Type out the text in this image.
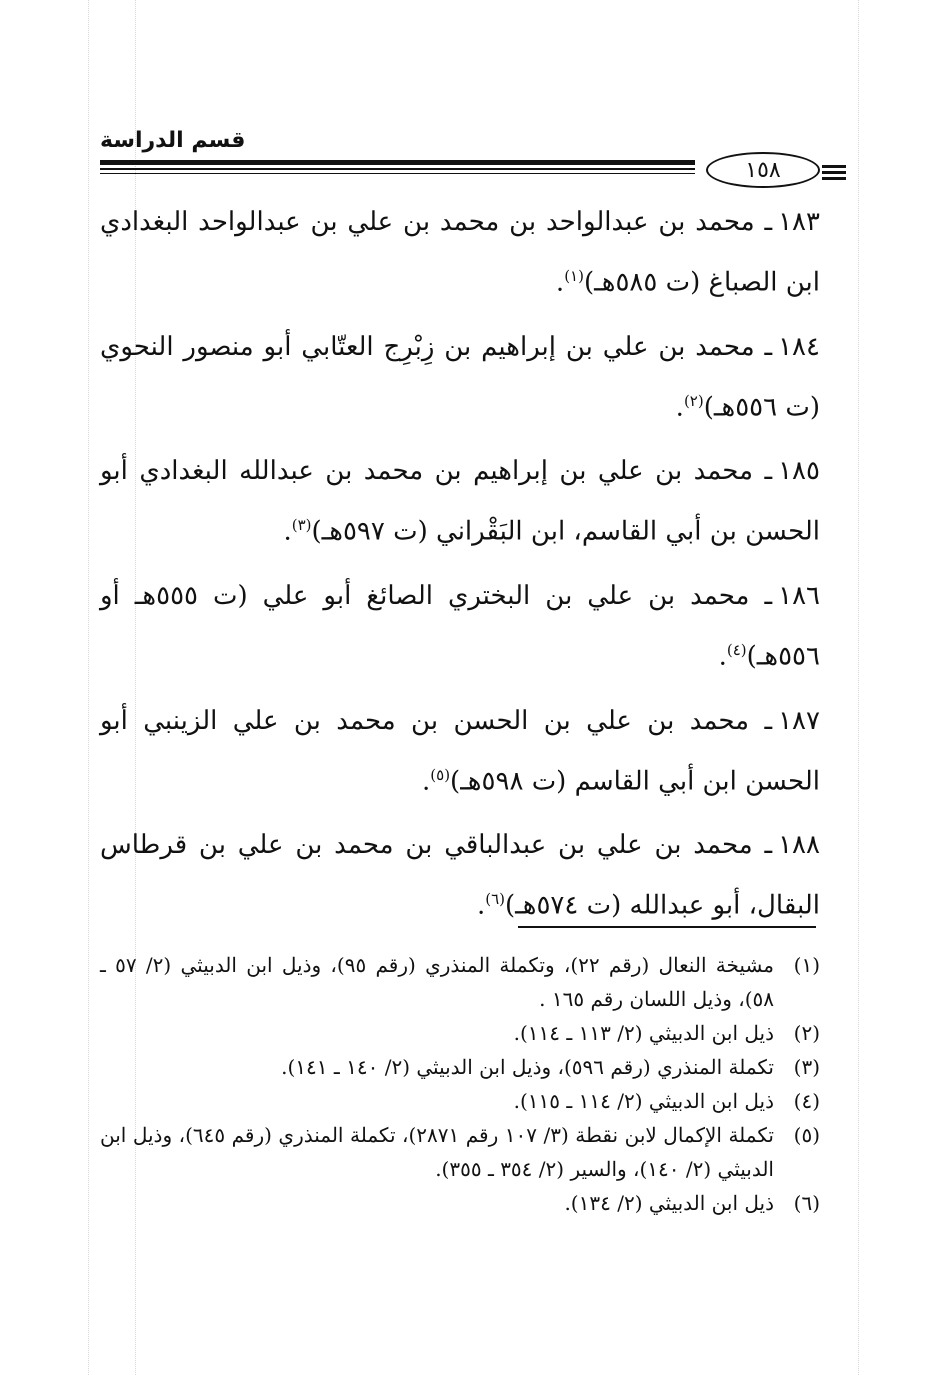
قسم الدراسة
١٥٨
١٨٣ـ محمد بن عبدالواحد بن محمد بن علي بن عبدالواحد البغدادي ابن الصباغ (ت ٥٨٥هـ)$^{(١)}$.
١٨٤ـ محمد بن علي بن إبراهيم بن زِبْرِج العتّابي أبو منصور النحوي (ت ٥٥٦هـ)$^{(٢)}$.
١٨٥ـ محمد بن علي بن إبراهيم بن محمد بن عبدالله البغدادي أبو الحسن بن أبي القاسم، ابن البَقْراني (ت ٥٩٧هـ)$^{(٣)}$.
١٨٦ـ محمد بن علي بن البختري الصائغ أبو علي (ت ٥٥٥هـ أو ٥٥٦هـ)$^{(٤)}$.
١٨٧ـ محمد بن علي بن الحسن بن محمد بن علي الزينبي أبو الحسن ابن أبي القاسم (ت ٥٩٨هـ)$^{(٥)}$.
١٨٨ـ محمد بن علي بن عبدالباقي بن محمد بن علي بن قرطاس البقال، أبو عبدالله (ت ٥٧٤هـ)$^{(٦)}$.
(١)
مشيخة النعال (رقم ٢٢)، وتكملة المنذري (رقم ٩٥)، وذيل ابن الدبيثي (٢/ ٥٧ ـ ٥٨)، وذيل اللسان رقم ١٦٥ .
(٢)
ذيل ابن الدبيثي (٢/ ١١٣ ـ ١١٤).
(٣)
تكملة المنذري (رقم ٥٩٦)، وذيل ابن الدبيثي (٢/ ١٤٠ ـ ١٤١).
(٤)
ذيل ابن الدبيثي (٢/ ١١٤ ـ ١١٥).
(٥)
تكملة الإكمال لابن نقطة (٣/ ١٠٧ رقم ٢٨٧١)، تكملة المنذري (رقم ٦٤٥)، وذيل ابن الدبيثي (٢/ ١٤٠)، والسير (٢/ ٣٥٤ ـ ٣٥٥).
(٦)
ذيل ابن الدبيثي (٢/ ١٣٤).
